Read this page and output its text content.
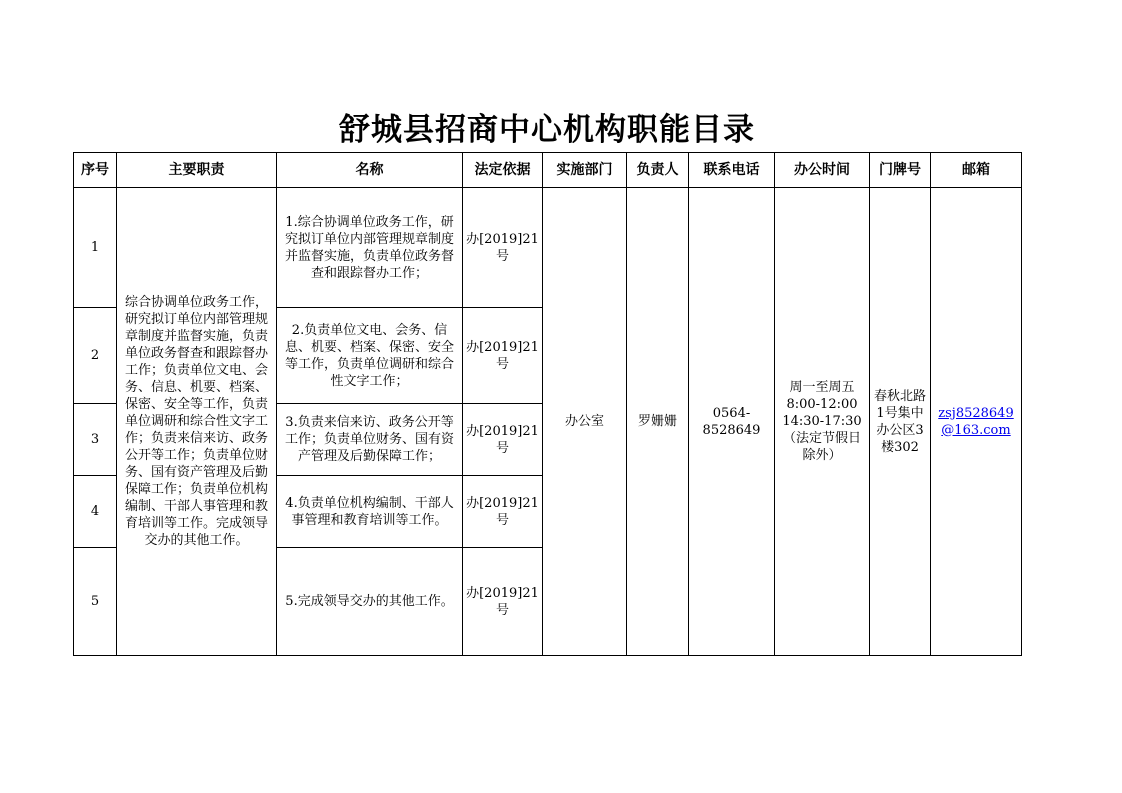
舒城县招商中心机构职能目录
序号	主要职责	名称	法定依据	实施部门	负责人	联系电话	办公时间	门牌号	邮箱
1	综合协调单位政务工作，研究拟订单位内部管理规章制度并监督实施，负责单位政务督查和跟踪督办工作；负责单位文电、会务、信息、机要、档案、保密、安全等工作，负责单位调研和综合性文字工作；负责来信来访、政务公开等工作；负责单位财务、国有资产管理及后勤保障工作；负责单位机构编制、干部人事管理和教育培训等工作。完成领导交办的其他工作。	1.综合协调单位政务工作，研究拟订单位内部管理规章制度并监督实施，负责单位政务督查和跟踪督办工作；	办[2019]21号	办公室	罗姗姗	0564-8528649	周一至周五8:00-12:00 14:30-17:30（法定节假日除外）	春秋北路1号集中办公区3楼302	zsj8528649@163.com
2		2.负责单位文电、会务、信息、机要、档案、保密、安全等工作，负责单位调研和综合性文字工作；	办[2019]21号						
3		3.负责来信来访、政务公开等工作；负责单位财务、国有资产管理及后勤保障工作；	办[2019]21号						
4		4.负责单位机构编制、干部人事管理和教育培训等工作。	办[2019]21号						
5		5.完成领导交办的其他工作。	办[2019]21号						
